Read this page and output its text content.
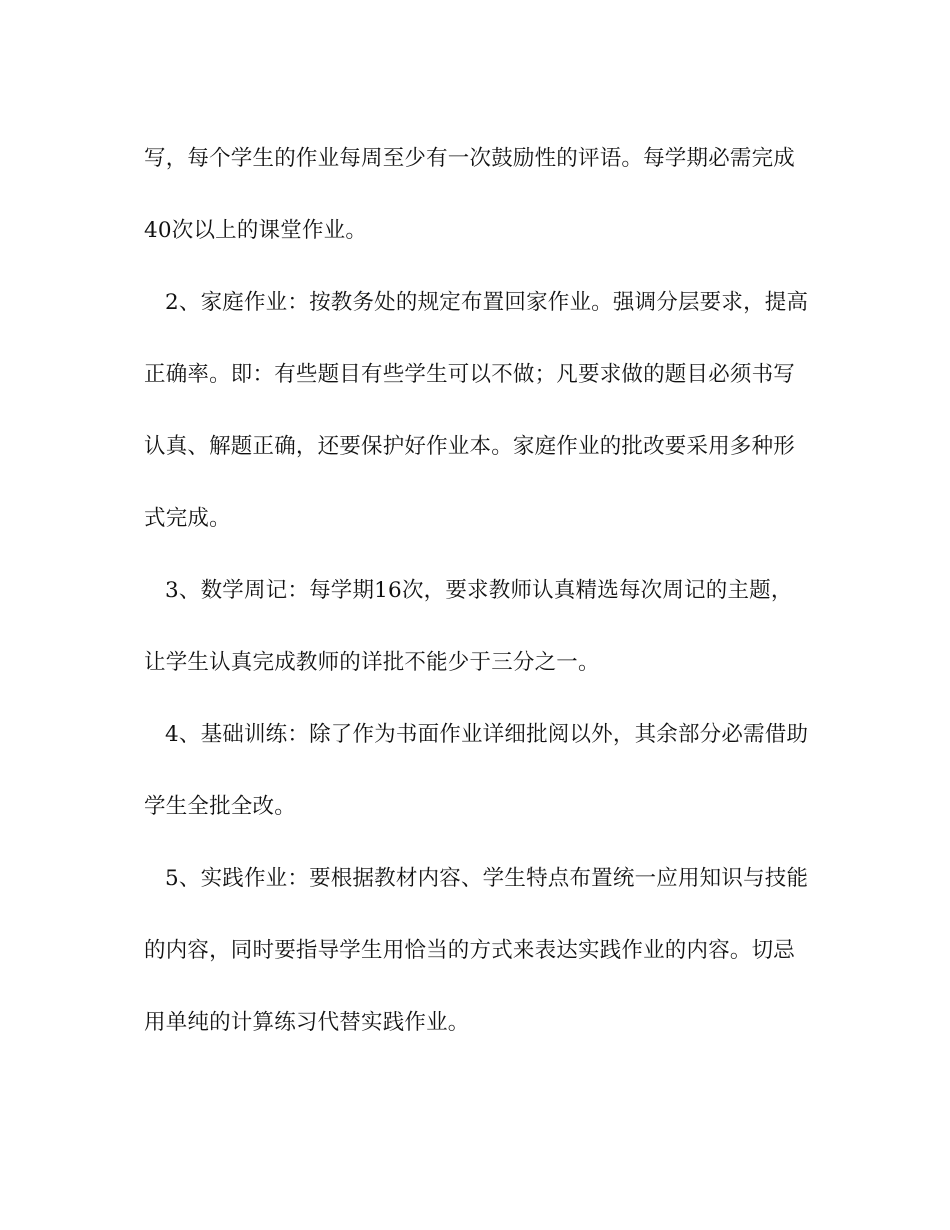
写，每个学生的作业每周至少有一次鼓励性的评语。每学期必需完成
40次以上的课堂作业。
2、家庭作业：按教务处的规定布置回家作业。强调分层要求，提高
正确率。即：有些题目有些学生可以不做；凡要求做的题目必须书写
认真、解题正确，还要保护好作业本。家庭作业的批改要采用多种形
式完成。
3、数学周记：每学期16次，要求教师认真精选每次周记的主题，
让学生认真完成教师的详批不能少于三分之一。
4、基础训练：除了作为书面作业详细批阅以外，其余部分必需借助
学生全批全改。
5、实践作业：要根据教材内容、学生特点布置统一应用知识与技能
的内容，同时要指导学生用恰当的方式来表达实践作业的内容。切忌
用单纯的计算练习代替实践作业。
